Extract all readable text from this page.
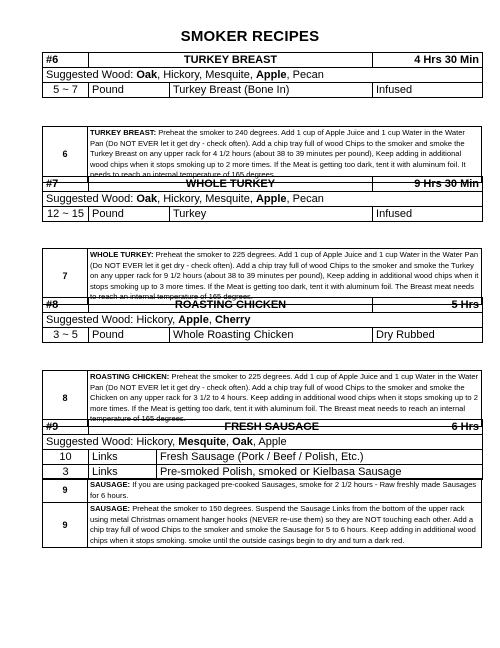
SMOKER RECIPES
#6	TURKEY BREAST		4 Hrs 30 Min
Suggested Wood: Oak, Hickory, Mesquite, Apple, Pecan			
5 ~ 7	Pound	Turkey Breast (Bone In)	Infused
6	TURKEY BREAST: Preheat the smoker to 240 degrees. Add 1 cup of Apple Juice and 1 cup Water in the Water Pan (Do NOT EVER let it get dry - check often). Add a chip tray full of wood Chips to the smoker and smoke the Turkey Breast on any upper rack for 4 1/2 hours (about 38 to 39 minutes per pound), Keep adding in additional wood chips when it stops smoking up to 2 more times. If the Meat is getting too dark, tent it with aluminum foil. It needs to reach an internal temperature of 165 degrees.
#7	WHOLE TURKEY		9 Hrs 30 Min
Suggested Wood: Oak, Hickory, Mesquite, Apple, Pecan			
12 ~ 15	Pound	Turkey	Infused
7	WHOLE TURKEY: Preheat the smoker to 225 degrees. Add 1 cup of Apple Juice and 1 cup Water in the Water Pan (Do NOT EVER let it get dry - check often). Add a chip tray full of wood Chips to the smoker and smoke the Turkey on any upper rack for 9 1/2 hours (about 38 to 39 minutes per pound), Keep adding in additional wood chips when it stops smoking up to 3 more times. If the Meat is getting too dark, tent it with aluminum foil. The Breast meat needs to reach an internal temperature of 165 degrees.
#8	ROASTING CHICKEN		5 Hrs
Suggested Wood: Hickory, Apple, Cherry			
3 ~ 5	Pound	Whole Roasting Chicken	Dry Rubbed
8	ROASTING CHICKEN: Preheat the smoker to 225 degrees. Add 1 cup of Apple Juice and 1 cup Water in the Water Pan (Do NOT EVER let it get dry - check often). Add a chip tray full of wood Chips to the smoker and smoke the Chicken on any upper rack for 3 1/2 to 4 hours. Keep adding in additional wood chips when it stops smoking up to 2 more times. If the Meat is getting too dark, tent it with aluminum foil. The Breast meat needs to reach an internal temperature of 165 degrees.
#9	FRESH SAUSAGE 6 Hrs	

Suggested Wood: Hickory, Mesquite, Oak, Apple		
10	Links	Fresh Sausage (Pork / Beef / Polish, Etc.)
3	Links	Pre-smoked Polish, smoked or Kielbasa Sausage
9	SAUSAGE: If you are using packaged pre-cooked Sausages, smoke for 2 1/2 hours - Raw freshly made Sausages for 6 hours.
9	SAUSAGE: Preheat the smoker to 150 degrees. Suspend the Sausage Links from the bottom of the upper rack using metal Christmas ornament hanger hooks (NEVER re-use them) so they are NOT touching each other. Add a chip tray full of wood Chips to the smoker and smoke the Sausage for 5 to 6 hours. Keep adding in additional wood chips when it stops smoking. smoke until the outside casings begin to dry and turn a dark red.
